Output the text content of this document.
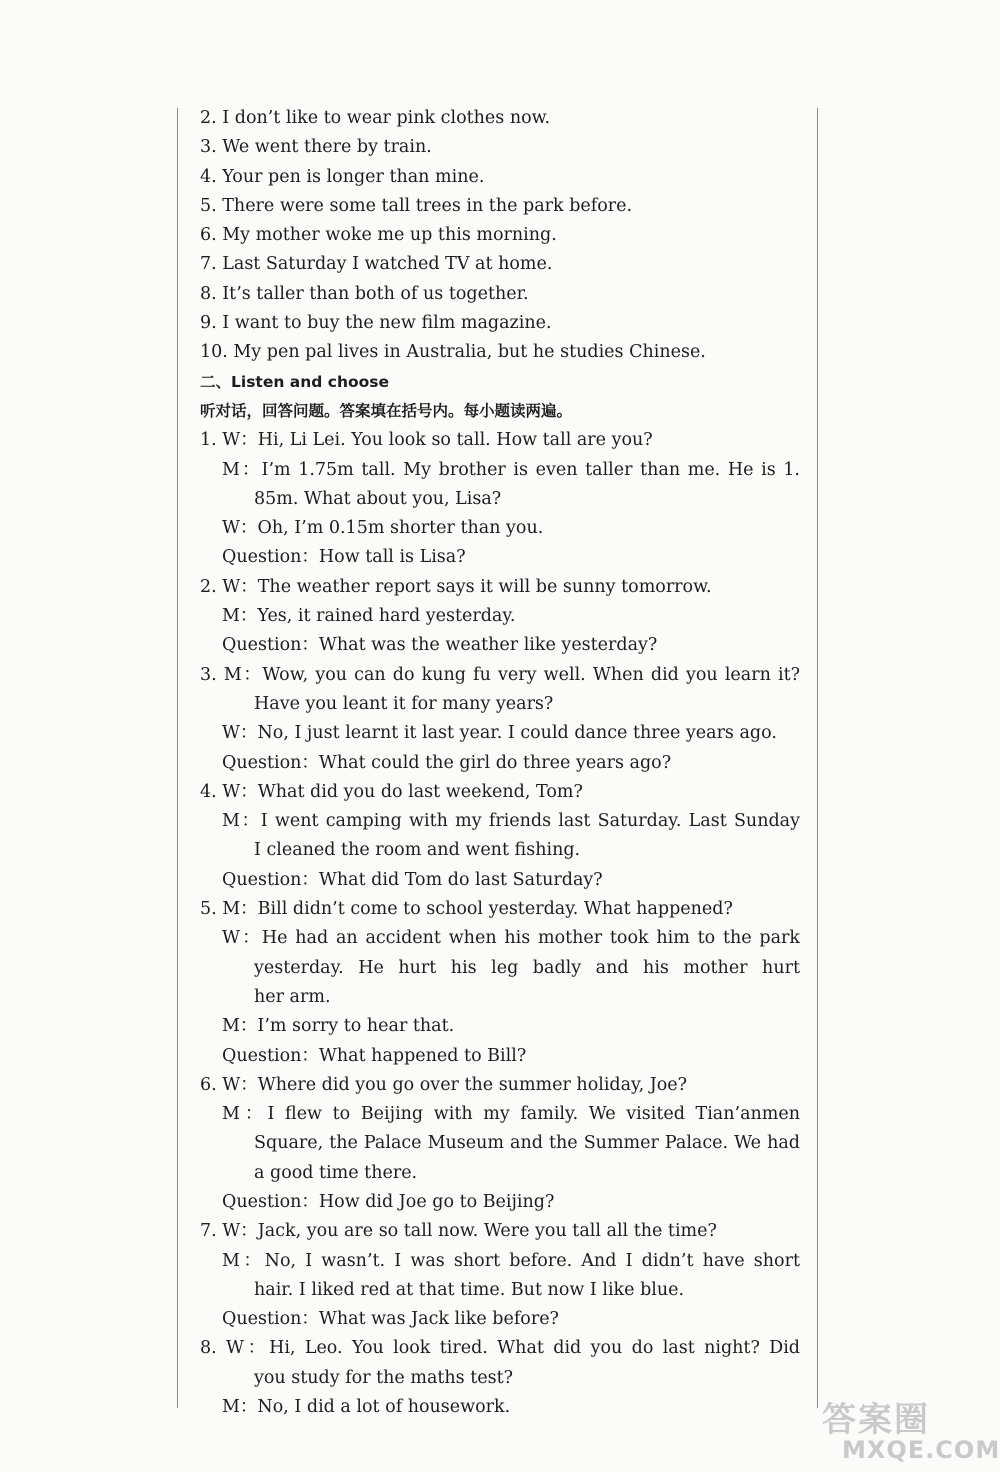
2. I don’t like to wear pink clothes now.
3. We went there by train.
4. Your pen is longer than mine.
5. There were some tall trees in the park before.
6. My mother woke me up this morning.
7. Last Saturday I watched TV at home.
8. It’s taller than both of us together.
9. I want to buy the new film magazine.
10. My pen pal lives in Australia, but he studies Chinese.
二、Listen and choose
听对话，回答问题。答案填在括号内。每小题读两遍。
1. W：Hi, Li Lei. You look so tall. How tall are you?
M：I’m 1.75m tall. My brother is even taller than me. He is 1.
85m. What about you, Lisa?
W：Oh, I’m 0.15m shorter than you.
Question：How tall is Lisa?
2. W：The weather report says it will be sunny tomorrow.
M：Yes, it rained hard yesterday.
Question：What was the weather like yesterday?
3. M：Wow, you can do kung fu very well. When did you learn it?
Have you leant it for many years?
W：No, I just learnt it last year. I could dance three years ago.
Question：What could the girl do three years ago?
4. W：What did you do last weekend, Tom?
M：I went camping with my friends last Saturday. Last Sunday
I cleaned the room and went fishing.
Question：What did Tom do last Saturday?
5. M：Bill didn’t come to school yesterday. What happened?
W：He had an accident when his mother took him to the park
yesterday. He hurt his leg badly and his mother hurt
her arm.
M：I’m sorry to hear that.
Question：What happened to Bill?
6. W：Where did you go over the summer holiday, Joe?
M：I flew to Beijing with my family. We visited Tian’anmen
Square, the Palace Museum and the Summer Palace. We had
a good time there.
Question：How did Joe go to Beijing?
7. W：Jack, you are so tall now. Were you tall all the time?
M：No, I wasn’t. I was short before. And I didn’t have short
hair. I liked red at that time. But now I like blue.
Question：What was Jack like before?
8. W：Hi, Leo. You look tired. What did you do last night? Did
you study for the maths test?
M：No, I did a lot of housework.	答案圈
MXQE.COM
